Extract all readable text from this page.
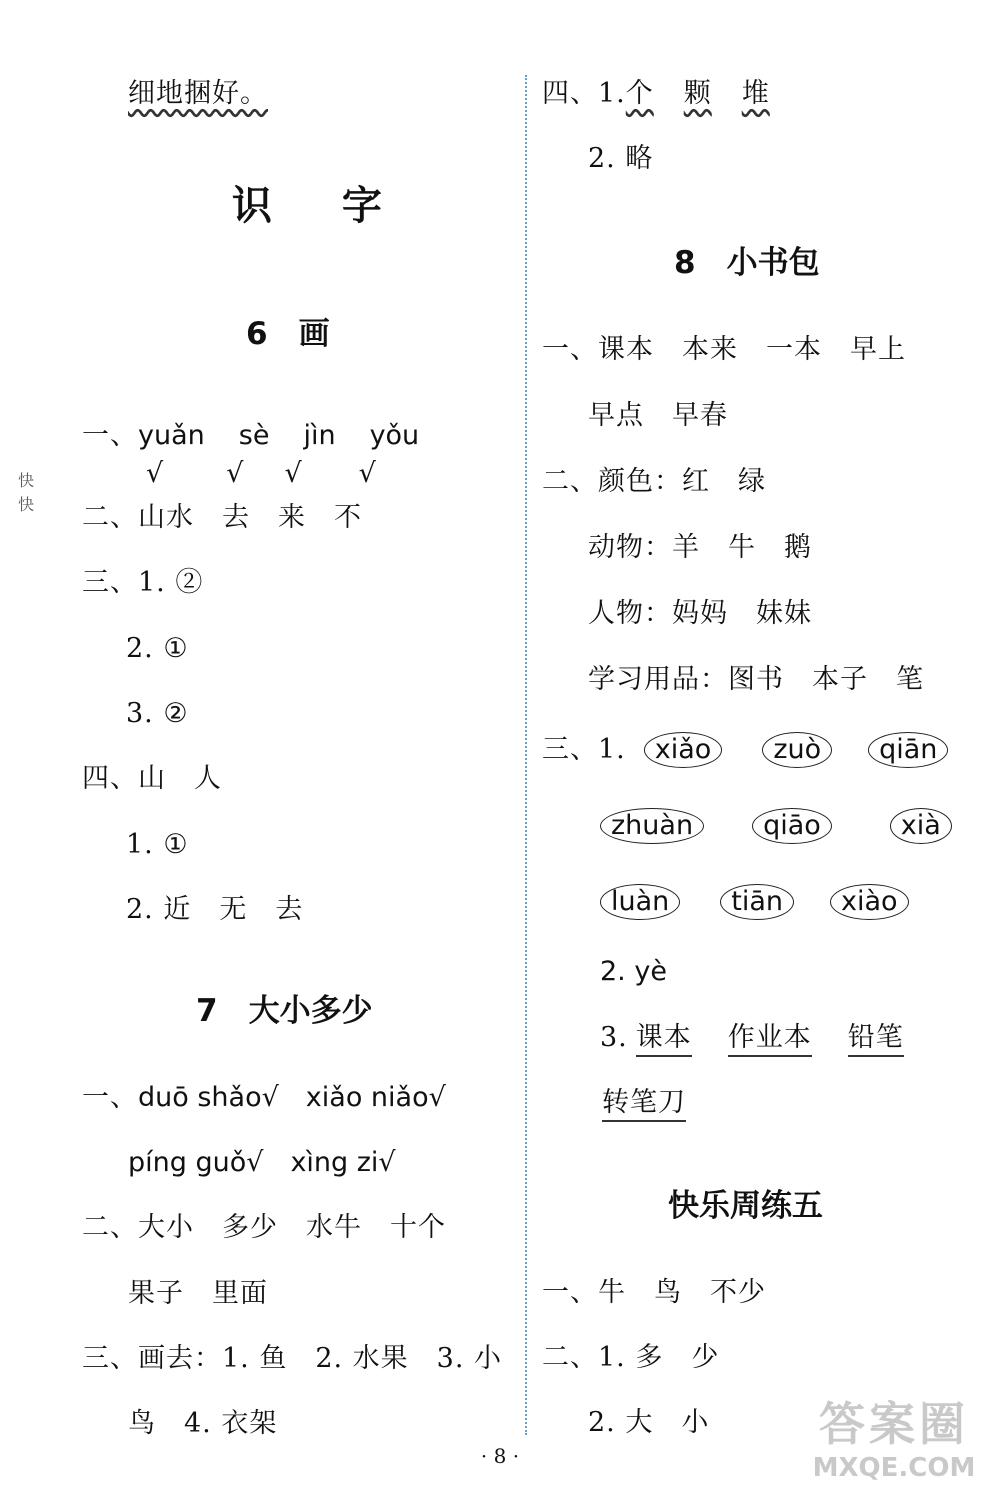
细地捆好。
识 字
6　画
一、yuǎn sè jìn yǒu
√ √ √ √
快
快 二、山水　去　来　不
三、1. ②
2. ①
3. ②
四、山　人
1. ①
2. 近　无　去
7　大小多少
一、duō shǎo√　xiǎo niǎo√
píng guǒ√　xìng zi√
二、大小　多少　水牛　十个
果子　里面
三、画去：1. 鱼　2. 水果　3. 小
鸟　4. 衣架
四、1.个 颗 堆
2. 略
8　小书包
一、课本　本来　一本　早上
早点　早春
二、颜色：红　绿
动物：羊　牛　鹅
人物：妈妈　妹妹
学习用品：图书　本子　笔
三、1. xiǎo zuò qiān
zhuàn	qiāo	xià
luàn tiān xiào
2. yè
3. 课本 作业本 铅笔
转笔刀
快乐周练五
一、牛　鸟　不少
二、1. 多　少
2. 大　小
· 8 ·
答案圈
MXQE.COM
